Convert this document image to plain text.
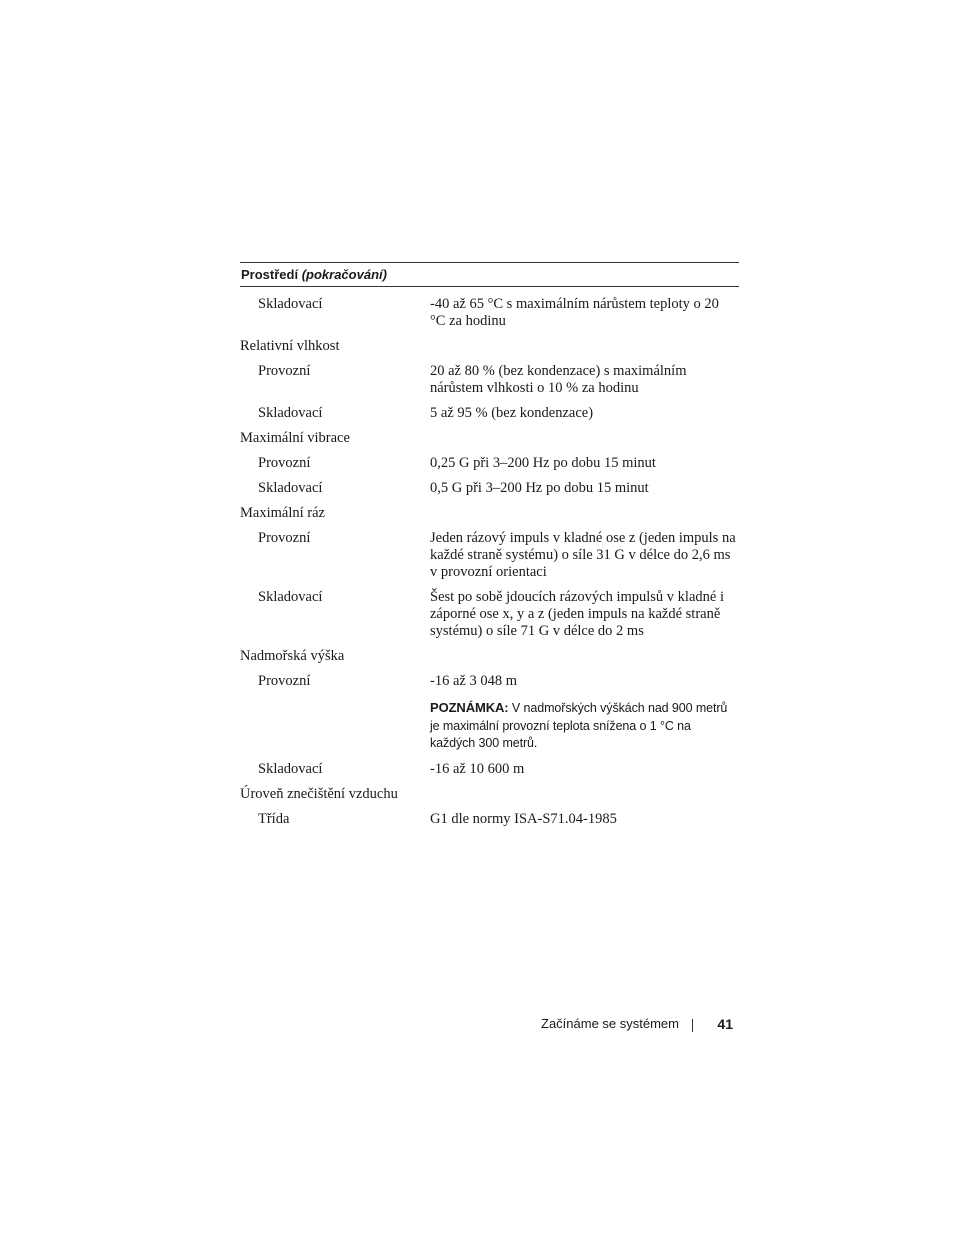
Prostředí (pokračování)
Skladovací	-40 až 65 °C s maximálním nárůstem teploty o 20 °C za hodinu
Relativní vlhkost
Provozní	20 až 80 % (bez kondenzace) s maximálním nárůstem vlhkosti o 10 % za hodinu
Skladovací	5 až 95 % (bez kondenzace)
Maximální vibrace
Provozní	0,25 G při 3–200 Hz po dobu 15 minut
Skladovací	0,5 G při 3–200 Hz po dobu 15 minut
Maximální ráz
Provozní	Jeden rázový impuls v kladné ose z (jeden impuls na každé straně systému) o síle 31 G v délce do 2,6 ms v provozní orientaci
Skladovací	Šest po sobě jdoucích rázových impulsů v kladné i záporné ose x, y a z (jeden impuls na každé straně systému) o síle 71 G v délce do 2 ms
Nadmořská výška
Provozní	-16 až 3 048 m
POZNÁMKA: V nadmořských výškách nad 900 metrů je maximální provozní teplota snížena o 1 °C na každých 300 metrů.
Skladovací	-16 až 10 600 m
Úroveň znečištění vzduchu
Třída	G1 dle normy ISA-S71.04-1985
Začínáme se systémem	41
